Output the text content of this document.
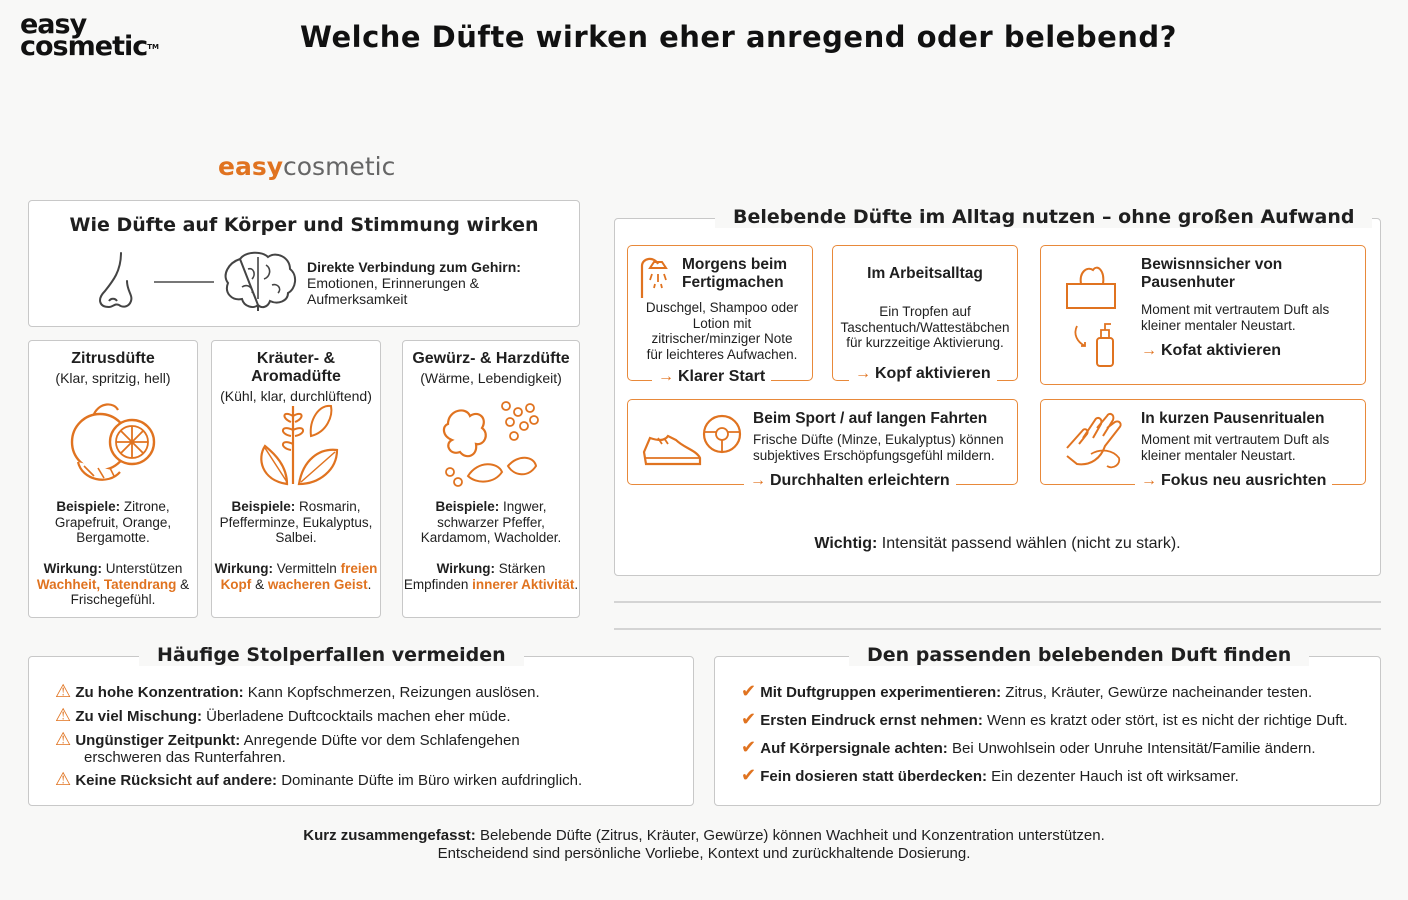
easy
cosmetic™	Welche Düfte wirken eher anregend oder belebend?
easycosmetic
Wie Düfte auf Körper und Stimmung wirken
Direkte Verbindung zum Gehirn:
Emotionen, Erinnerungen & Aufmerksamkeit
Zitrusdüfte
(Klar, spritzig, hell)
Beispiele: Zitrone, Grapefruit, Orange, Bergamotte.
Wirkung: Unterstützen Wachheit, Tatendrang & Frischegefühl.
Kräuter- & Aromadüfte
(Kühl, klar, durchlüftend)
Beispiele: Rosmarin, Pfefferminze, Eukalyptus, Salbei.
Wirkung: Vermitteln freien Kopf & wacheren Geist.
Gewürz- & Harzdüfte
(Wärme, Lebendigkeit)
Beispiele: Ingwer, schwarzer Pfeffer, Kardamom, Wacholder.
Wirkung: Stärken Empfinden innerer Aktivität.
Belebende Düfte im Alltag nutzen – ohne großen Aufwand
Morgens beim Fertigmachen
Duschgel, Shampoo oder Lotion mit zitrischer/minziger Note für leichteres Aufwachen.
→ Klarer Start
Im Arbeitsalltag
Ein Tropfen auf Taschentuch/Wattestäbchen für kurzzeitige Aktivierung.
→ Kopf aktivieren
Bewisnnsicher von Pausenhuter
Moment mit vertrautem Duft als kleiner mentaler Neustart.
→ Kofat aktivieren
Beim Sport / auf langen Fahrten
Frische Düfte (Minze, Eukalyptus) können subjektives Erschöpfungsgefühl mildern.
→ Durchhalten erleichtern
In kurzen Pausenritualen
Moment mit vertrautem Duft als kleiner mentaler Neustart.
→ Fokus neu ausrichten
Wichtig: Intensität passend wählen (nicht zu stark).
Häufige Stolperfallen vermeiden
⚠ Zu hohe Konzentration: Kann Kopfschmerzen, Reizungen auslösen.
⚠ Zu viel Mischung: Überladene Duftcocktails machen eher müde.
⚠ Ungünstiger Zeitpunkt: Anregende Düfte vor dem Schlafengehen
erschweren das Runterfahren.
⚠ Keine Rücksicht auf andere: Dominante Düfte im Büro wirken aufdringlich.
Den passenden belebenden Duft finden
✔ Mit Duftgruppen experimentieren: Zitrus, Kräuter, Gewürze nacheinander testen.
✔ Ersten Eindruck ernst nehmen: Wenn es kratzt oder stört, ist es nicht der richtige Duft.
✔ Auf Körpersignale achten: Bei Unwohlsein oder Unruhe Intensität/Familie ändern.
✔ Fein dosieren statt überdecken: Ein dezenter Hauch ist oft wirksamer.
Kurz zusammengefasst: Belebende Düfte (Zitrus, Kräuter, Gewürze) können Wachheit und Konzentration unterstützen.
Entscheidend sind persönliche Vorliebe, Kontext und zurückhaltende Dosierung.
